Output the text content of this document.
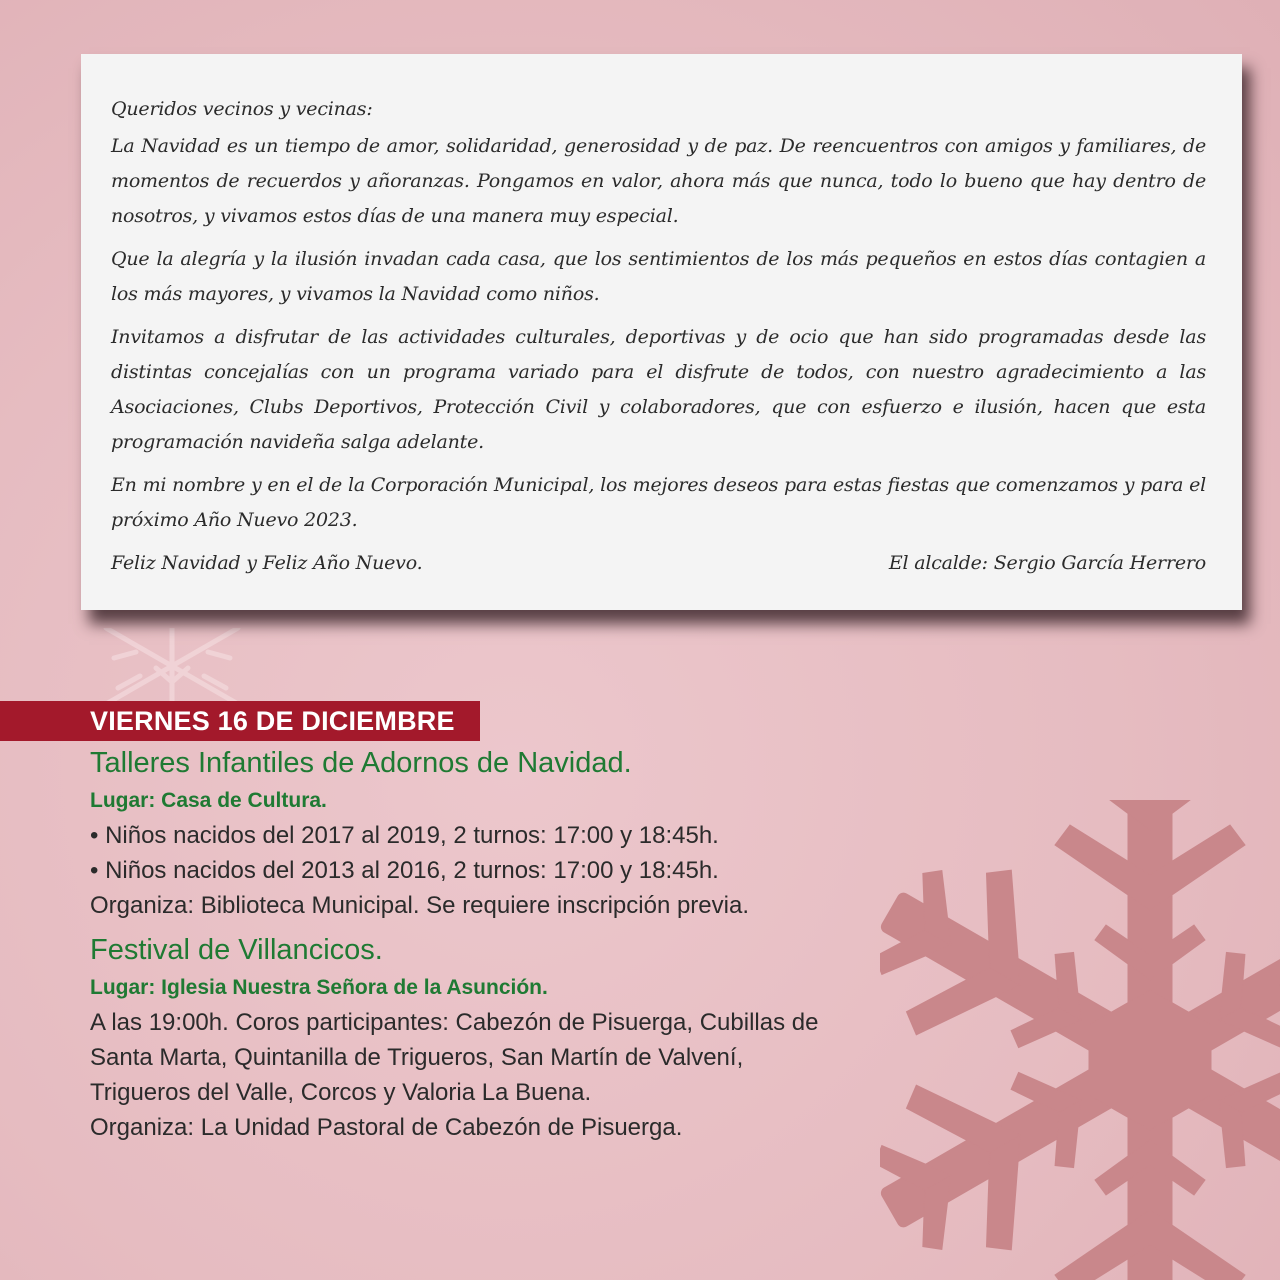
Queridos vecinos y vecinas:

La Navidad es un tiempo de amor, solidaridad, generosidad y de paz. De reencuentros con amigos y familiares, de momentos de recuerdos y añoranzas. Pongamos en valor, ahora más que nunca, todo lo bueno que hay dentro de nosotros, y vivamos estos días de una manera muy especial.

Que la alegría y la ilusión invadan cada casa, que los sentimientos de los más pequeños en estos días contagien a los más mayores, y vivamos la Navidad como niños.

Invitamos a disfrutar de las actividades culturales, deportivas y de ocio que han sido programadas desde las distintas concejalías con un programa variado para el disfrute de todos, con nuestro agradecimiento a las Asociaciones, Clubs Deportivos, Protección Civil y colaboradores, que con esfuerzo e ilusión, hacen que esta programación navideña salga adelante.

En mi nombre y en el de la Corporación Municipal, los mejores deseos para estas fiestas que comenzamos y para el próximo Año Nuevo 2023.

Feliz Navidad y Feliz Año Nuevo.	El alcalde: Sergio García Herrero

VIERNES 16 DE DICIEMBRE
Talleres Infantiles de Adornos de Navidad.

Lugar: Casa de Cultura.

• Niños nacidos del 2017 al 2019, 2 turnos: 17:00 y 18:45h.

• Niños nacidos del 2013 al 2016, 2 turnos: 17:00 y 18:45h.

Organiza: Biblioteca Municipal. Se requiere inscripción previa.

Festival de Villancicos.

Lugar: Iglesia Nuestra Señora de la Asunción.

A las 19:00h. Coros participantes: Cabezón de Pisuerga, Cubillas de

Santa Marta, Quintanilla de Trigueros, San Martín de Valvení,

Trigueros del Valle, Corcos y Valoria La Buena.

Organiza: La Unidad Pastoral de Cabezón de Pisuerga.
